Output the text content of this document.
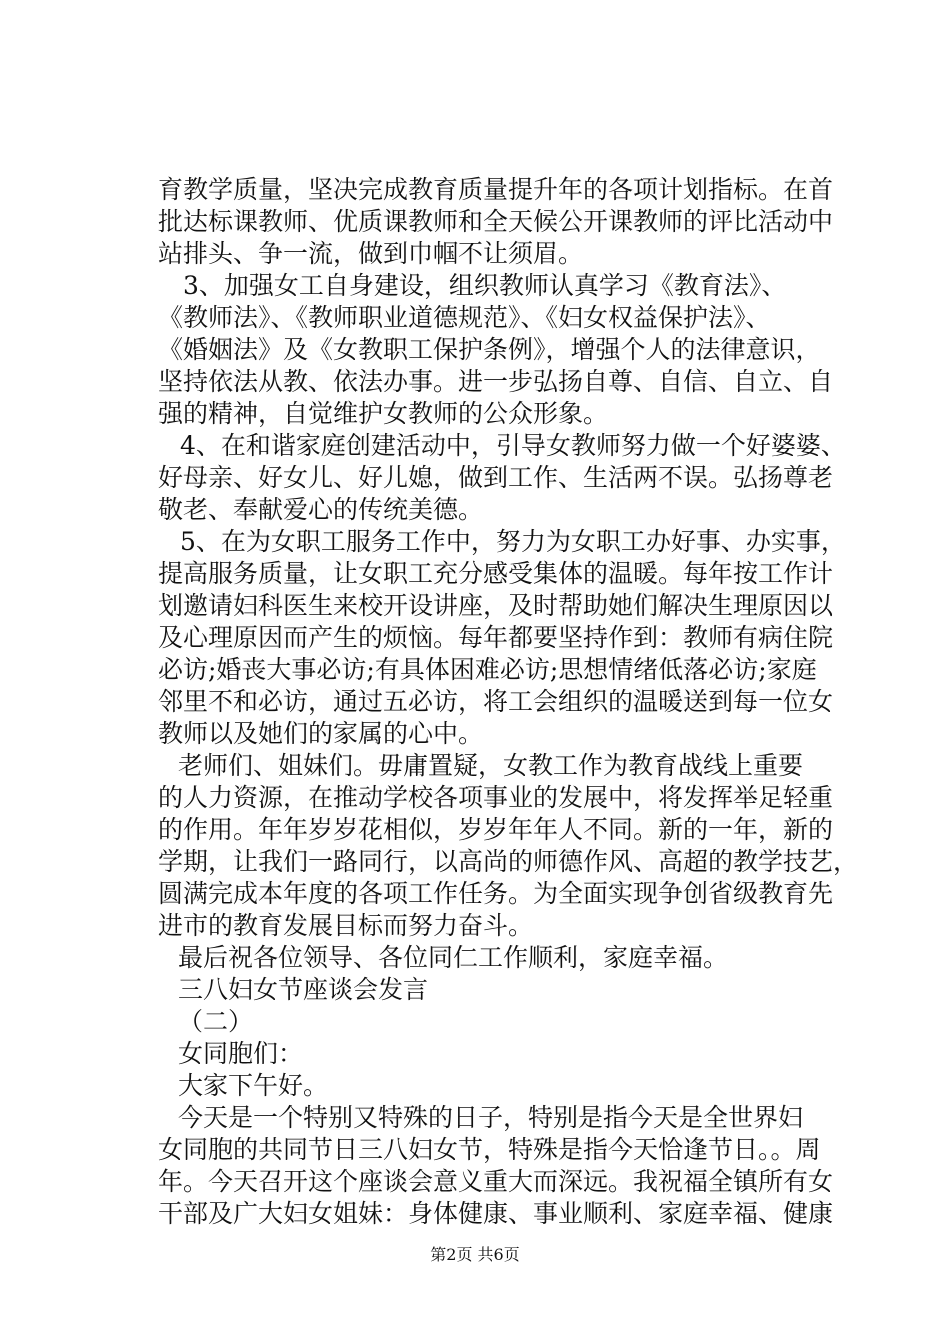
育教学质量，坚决完成教育质量提升年的各项计划指标。在首
批达标课教师、优质课教师和全天候公开课教师的评比活动中
站排头、争一流，做到巾帼不让须眉。
3、加强女工自身建设，组织教师认真学习《教育法》、
《教师法》、《教师职业道德规范》、《妇女权益保护法》、
《婚姻法》及《女教职工保护条例》，增强个人的法律意识，
坚持依法从教、依法办事。进一步弘扬自尊、自信、自立、自
强的精神，自觉维护女教师的公众形象。
4、在和谐家庭创建活动中，引导女教师努力做一个好婆婆、
好母亲、好女儿、好儿媳，做到工作、生活两不误。弘扬尊老
敬老、奉献爱心的传统美德。
5、在为女职工服务工作中，努力为女职工办好事、办实事，
提高服务质量，让女职工充分感受集体的温暖。每年按工作计
划邀请妇科医生来校开设讲座，及时帮助她们解决生理原因以
及心理原因而产生的烦恼。每年都要坚持作到：教师有病住院
必访;婚丧大事必访;有具体困难必访;思想情绪低落必访;家庭
邻里不和必访，通过五必访，将工会组织的温暖送到每一位女
教师以及她们的家属的心中。
老师们、姐妹们。毋庸置疑，女教工作为教育战线上重要
的人力资源，在推动学校各项事业的发展中，将发挥举足轻重
的作用。年年岁岁花相似，岁岁年年人不同。新的一年，新的
学期，让我们一路同行，以高尚的师德作风、高超的教学技艺，
圆满完成本年度的各项工作任务。为全面实现争创省级教育先
进市的教育发展目标而努力奋斗。
最后祝各位领导、各位同仁工作顺利，家庭幸福。
三八妇女节座谈会发言
（二）
女同胞们：
大家下午好。
今天是一个特别又特殊的日子，特别是指今天是全世界妇
女同胞的共同节日三八妇女节，特殊是指今天恰逢节日。。周
年。今天召开这个座谈会意义重大而深远。我祝福全镇所有女
干部及广大妇女姐妹：身体健康、事业顺利、家庭幸福、健康
第2页 共6页
